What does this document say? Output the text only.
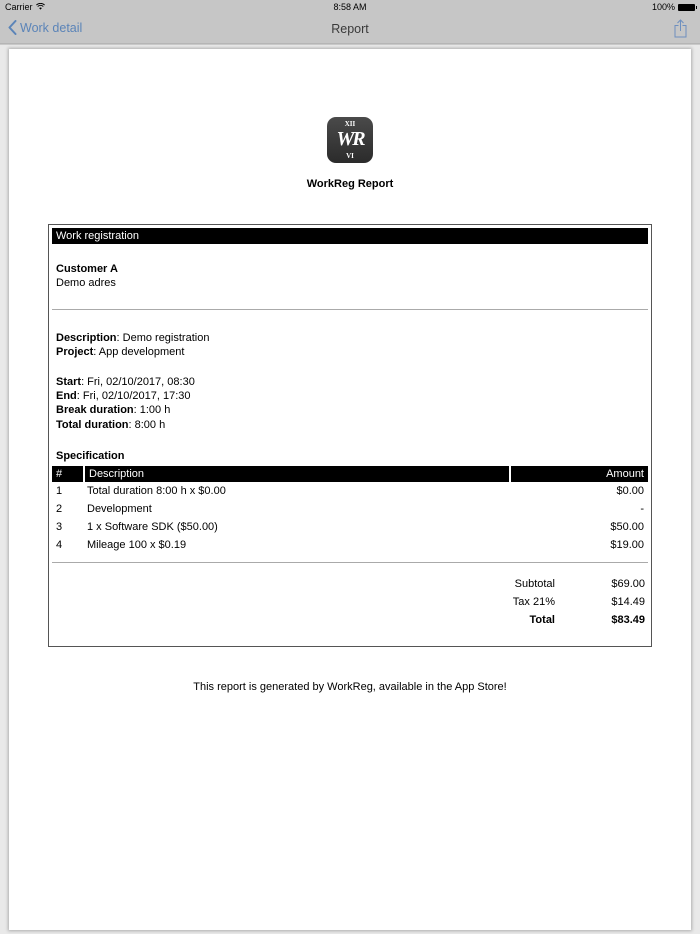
Carrier	8:58 AM	100%
Work detail	Report
XII
WR
VI
WorkReg Report
Work registration
Customer A
Demo adres
Description: Demo registration
Project: App development
Start: Fri, 02/10/2017, 08:30
End: Fri, 02/10/2017, 17:30
Break duration: 1:00 h
Total duration: 8:00 h
Specification
#	Description	Amount
1	Total duration 8:00 h x $0.00	$0.00
2	Development	-
3	1 x Software SDK ($50.00)	$50.00
4	Mileage 100 x $0.19	$19.00
Subtotal	$69.00
Tax 21%	$14.49
Total	$83.49
This report is generated by WorkReg, available in the App Store!
